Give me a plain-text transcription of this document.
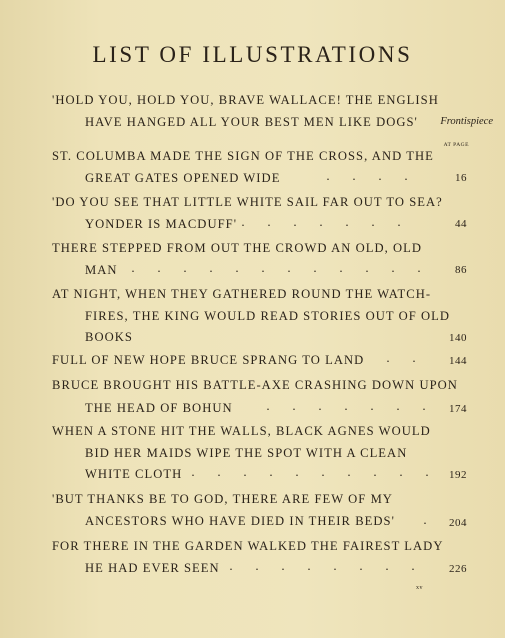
LIST OF ILLUSTRATIONS
'HOLD YOU, HOLD YOU, BRAVE WALLACE! THE ENGLISH
HAVE HANGED ALL YOUR BEST MEN LIKE DOGS' Frontispiece
AT PAGE
ST. COLUMBA MADE THE SIGN OF THE CROSS, AND THE
GREAT GATES OPENED WIDE	. . . .	16
'DO YOU SEE THAT LITTLE WHITE SAIL FAR OUT TO SEA?
YONDER IS MACDUFF' . . . . . . .	44
THERE STEPPED FROM OUT THE CROWD AN OLD, OLD
MAN	. . . . . . . . . . . .	86
AT NIGHT, WHEN THEY GATHERED ROUND THE WATCH-
FIRES, THE KING WOULD READ STORIES OUT OF OLD
BOOKS	140
FULL OF NEW HOPE BRUCE SPRANG TO LAND	. .	144
BRUCE BROUGHT HIS BATTLE-AXE CRASHING DOWN UPON
THE HEAD OF BOHUN	. . . . . . .	174
WHEN A STONE HIT THE WALLS, BLACK AGNES WOULD
BID HER MAIDS WIPE THE SPOT WITH A CLEAN
WHITE CLOTH . . . . . . . . . .	192
'BUT THANKS BE TO GOD, THERE ARE FEW OF MY
ANCESTORS WHO HAVE DIED IN THEIR BEDS'	.	204
FOR THERE IN THE GARDEN WALKED THE FAIREST LADY
HE HAD EVER SEEN . . . . . . . .	226
xv
